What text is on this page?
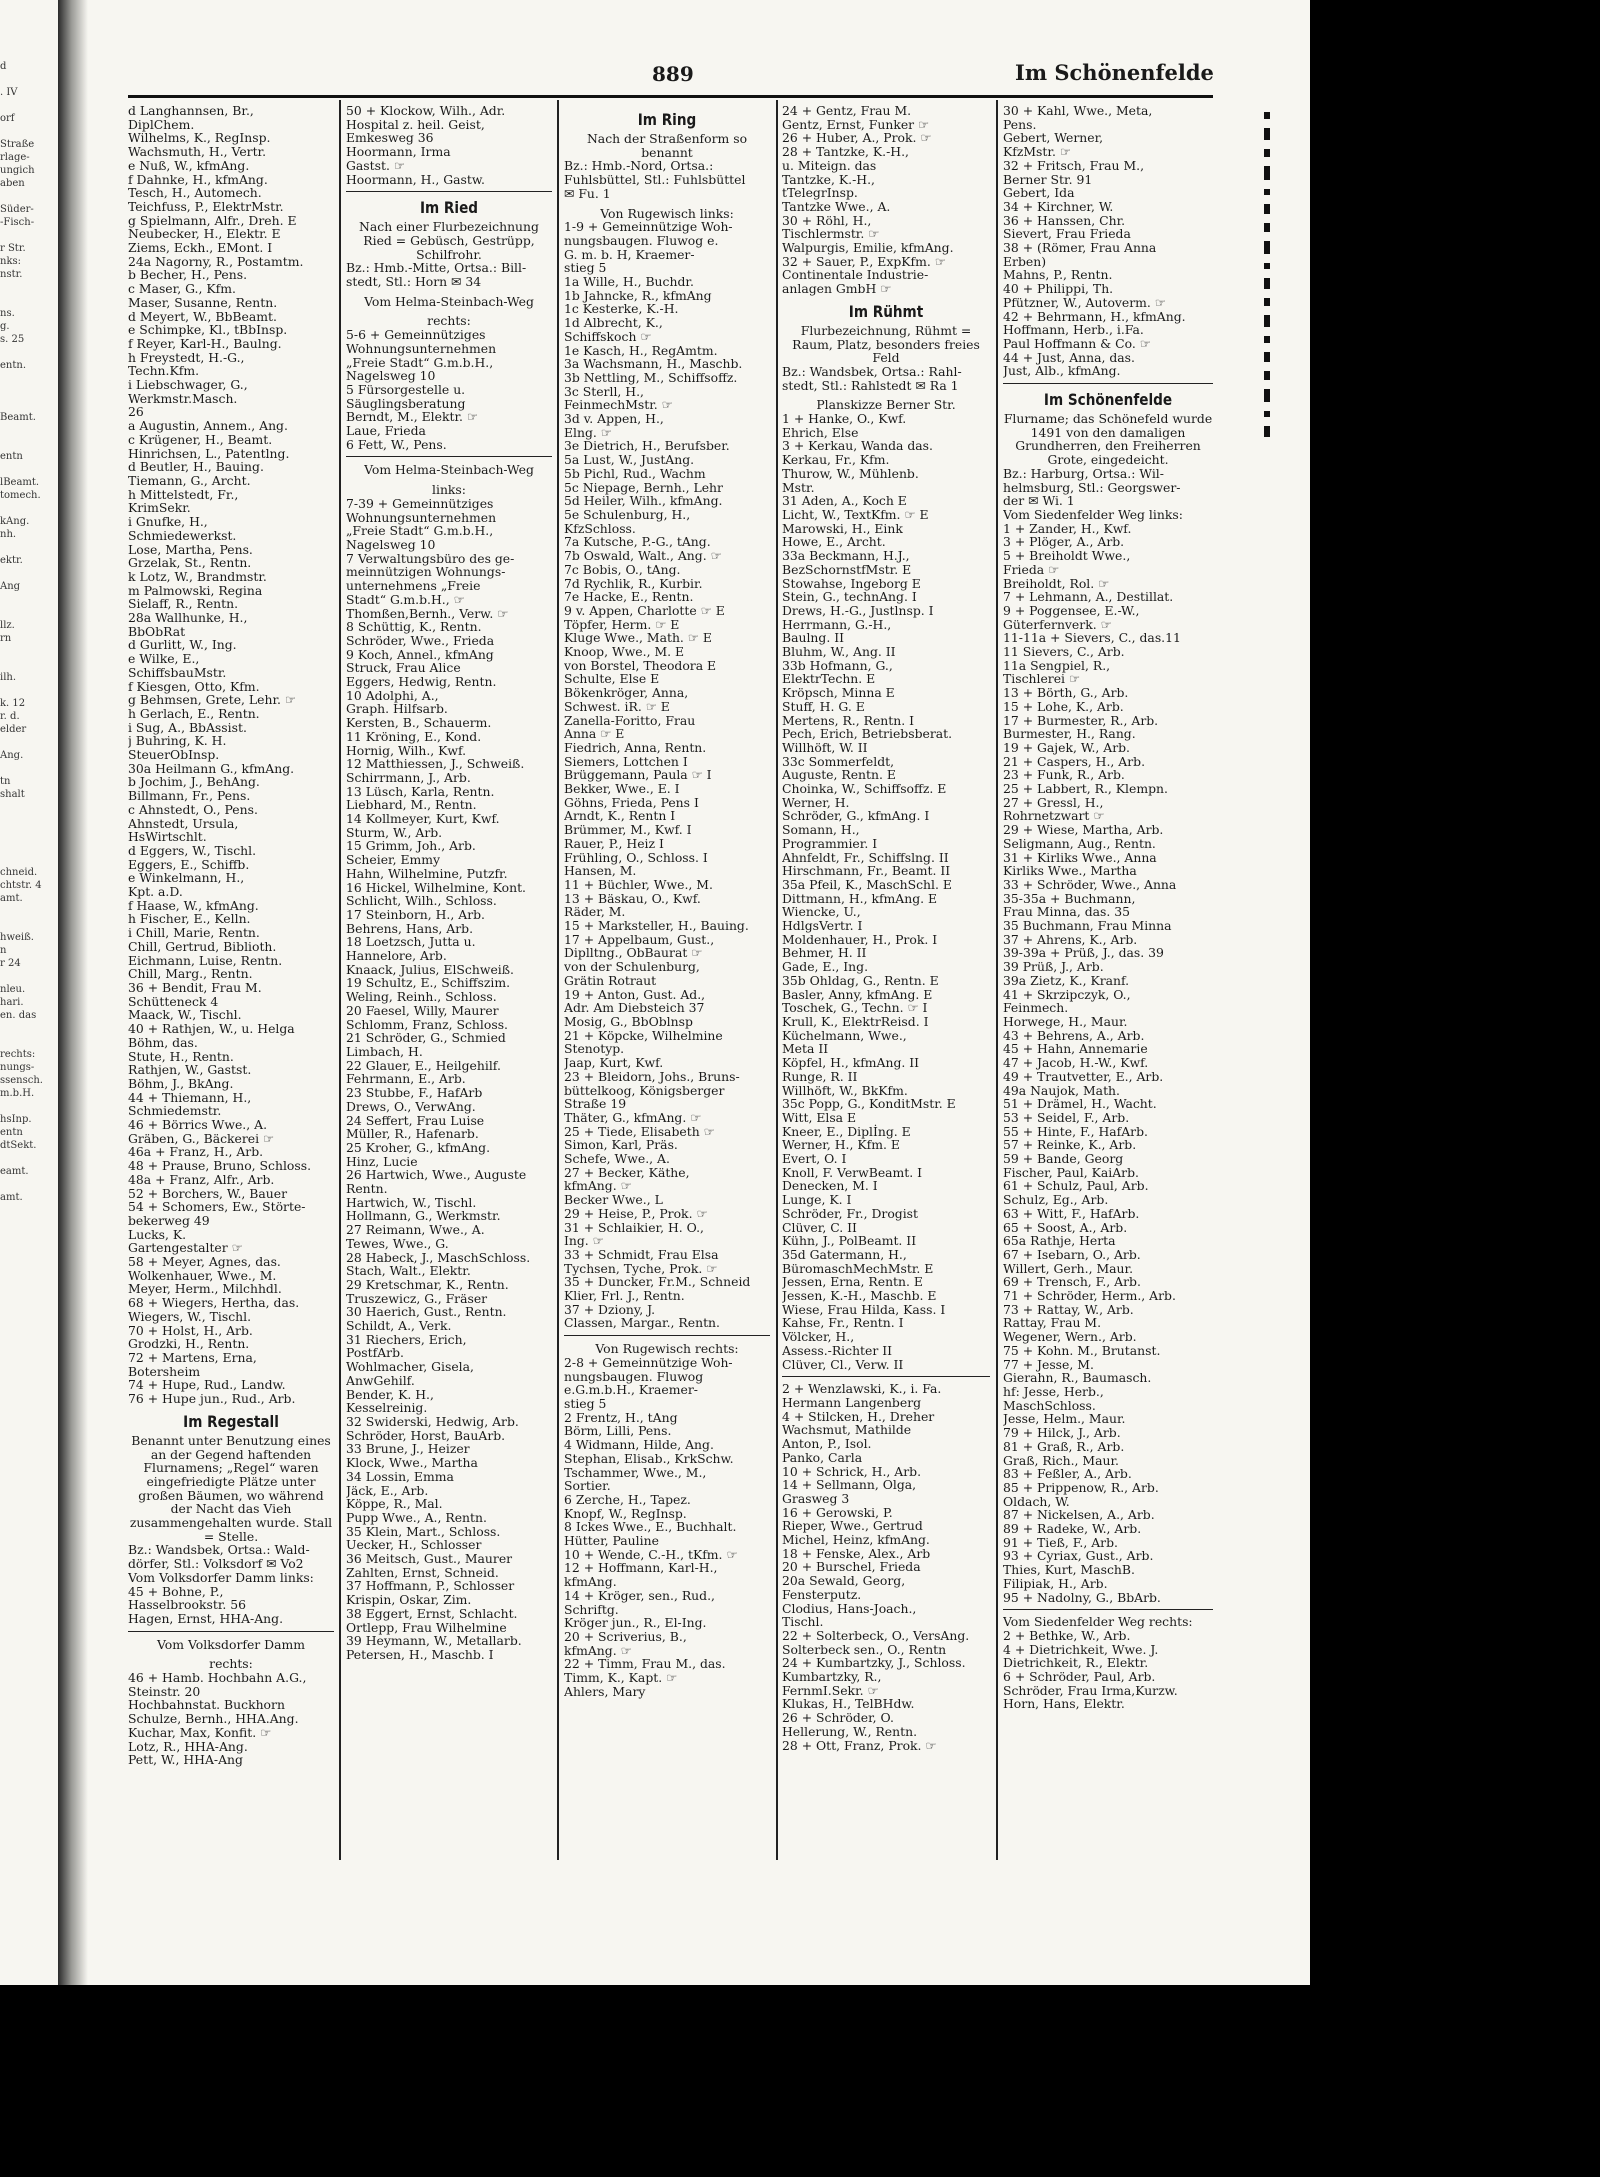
d

. IV

orf

Straße
rlage-
ungich
aben

Süder-
-Fisch-

r Str.
nks:
nstr.

ns.
g.
s. 25

entn.

Beamt.

entn

lBeamt.
tomech.

kAng.
nh.

ektr.

Ang

llz.
rn

ilh.

k. 12
r. d.
elder

Ang.

tn
shalt

chneid.
chtstr. 4
amt.

hweiß.
n
r 24

nleu.
hari.
en. das

rechts:
nungs-
ssensch.
m.b.H.

hsInp.
entn
dtSekt.

eamt.

amt.
889	Im Schönenfelde
d Langhannsen, Br.,
DiplChem.
Wilhelms, K., RegInsp.
Wachsmuth, H., Vertr.
e Nuß, W., kfmAng.
f Dahnke, H., kfmAng.
Tesch, H., Automech.
Teichfuss, P., ElektrMstr.
g Spielmann, Alfr., Dreh. E
Neubecker, H., Elektr. E
Ziems, Eckh., EMont. I
24a Nagorny, R., Postamtm.
b Becher, H., Pens.
c Maser, G., Kfm.
Maser, Susanne, Rentn.
d Meyert, W., BbBeamt.
e Schimpke, Kl., tBbInsp.
f Reyer, Karl-H., Baulng.
h Freystedt, H.-G.,
Techn.Kfm.
i Liebschwager, G.,
Werkmstr.Masch.
26
a Augustin, Annem., Ang.
c Krügener, H., Beamt.
Hinrichsen, L., Patentlng.
d Beutler, H., Bauing.
Tiemann, G., Archt.
h Mittelstedt, Fr.,
KrimSekr.
i Gnufke, H.,
Schmiedewerkst.
Lose, Martha, Pens.
Grzelak, St., Rentn.
k Lotz, W., Brandmstr.
m Palmowski, Regina
Sielaff, R., Rentn.
28a Wallhunke, H.,
BbObRat
d Gurlitt, W., Ing.
e Wilke, E.,
SchiffsbauMstr.
f Kiesgen, Otto, Kfm.
g Behmsen, Grete, Lehr. ☞
h Gerlach, E., Rentn.
i Sug, A., BbAssist.
j Buhring, K. H.
SteuerObInsp.
30a Heilmann G., kfmAng.
b Jochim, J., BehAng.
Billmann, Fr., Pens.
c Ahnstedt, O., Pens.
Ahnstedt, Ursula,
HsWirtschlt.
d Eggers, W., Tischl.
Eggers, E., Schiffb.
e Winkelmann, H.,
Kpt. a.D.
f Haase, W., kfmAng.
h Fischer, E., Kelln.
i Chill, Marie, Rentn.
Chill, Gertrud, Biblioth.
Eichmann, Luise, Rentn.
Chill, Marg., Rentn.
36 + Bendit, Frau M.
Schütteneck 4
Maack, W., Tischl.
40 + Rathjen, W., u. Helga
Böhm, das.
Stute, H., Rentn.
Rathjen, W., Gastst.
Böhm, J., BkAng.
44 + Thiemann, H.,
Schmiedemstr.
46 + Börrics Wwe., A.
Gräben, G., Bäckerei ☞
46a + Franz, H., Arb.
48 + Prause, Bruno, Schloss.
48a + Franz, Alfr., Arb.
52 + Borchers, W., Bauer
54 + Schomers, Ew., Störte-
bekerweg 49
Lucks, K.
Gartengestalter ☞
58 + Meyer, Agnes, das.
Wolkenhauer, Wwe., M.
Meyer, Herm., Milchhdl.
68 + Wiegers, Hertha, das.
Wiegers, W., Tischl.
70 + Holst, H., Arb.
Grodzki, H., Rentn.
72 + Martens, Erna,
Botersheim
74 + Hupe, Rud., Landw.
76 + Hupe jun., Rud., Arb.
Im Regestall
Benannt unter Benutzung eines an der Gegend haftenden Flurnamens; „Regel“ waren eingefriedigte Plätze unter großen Bäumen, wo während der Nacht das Vieh zusammengehalten wurde. Stall = Stelle.
Bz.: Wandsbek, Ortsa.: Wald-
dörfer, Stl.: Volksdorf ✉ Vo2
Vom Volksdorfer Damm links:
45 + Bohne, P.,
Hasselbrookstr. 56
Hagen, Ernst, HHA-Ang.
Vom Volksdorfer Damm
rechts:
46 + Hamb. Hochbahn A.G.,
Steinstr. 20
Hochbahnstat. Buckhorn
Schulze, Bernh., HHA.Ang.
Kuchar, Max, Konfit. ☞
Lotz, R., HHA-Ang.
Pett, W., HHA-Ang
50 + Klockow, Wilh., Adr.
Hospital z. heil. Geist,
Emkesweg 36
Hoormann, Irma
Gastst. ☞
Hoormann, H., Gastw.
Im Ried
Nach einer Flurbezeichnung Ried = Gebüsch, Gestrüpp, Schilfrohr.
Bz.: Hmb.-Mitte, Ortsa.: Bill-
stedt, Stl.: Horn ✉ 34
Vom Helma-Steinbach-Weg
rechts:
5-6 + Gemeinnütziges
Wohnungsunternehmen
„Freie Stadt“ G.m.b.H.,
Nagelsweg 10
5 Fürsorgestelle u.
Säuglingsberatung
Berndt, M., Elektr. ☞
Laue, Frieda
6 Fett, W., Pens.
Vom Helma-Steinbach-Weg
links:
7-39 + Gemeinnütziges
Wohnungsunternehmen
„Freie Stadt“ G.m.b.H.,
Nagelsweg 10
7 Verwaltungsbüro des ge-
meinnützigen Wohnungs-
unternehmens „Freie
Stadt“ G.m.b.H., ☞
Thomßen,Bernh., Verw. ☞
8 Schüttig, K., Rentn.
Schröder, Wwe., Frieda
9 Koch, Annel., kfmAng
Struck, Frau Alice
Eggers, Hedwig, Rentn.
10 Adolphi, A.,
Graph. Hilfsarb.
Kersten, B., Schauerm.
11 Kröning, E., Kond.
Hornig, Wilh., Kwf.
12 Matthiessen, J., Schweiß.
Schirrmann, J., Arb.
13 Lüsch, Karla, Rentn.
Liebhard, M., Rentn.
14 Kollmeyer, Kurt, Kwf.
Sturm, W., Arb.
15 Grimm, Joh., Arb.
Scheier, Emmy
Hahn, Wilhelmine, Putzfr.
16 Hickel, Wilhelmine, Kont.
Schlicht, Wilh., Schloss.
17 Steinborn, H., Arb.
Behrens, Hans, Arb.
18 Loetzsch, Jutta u.
Hannelore, Arb.
Knaack, Julius, ElSchweiß.
19 Schultz, E., Schiffszim.
Weling, Reinh., Schloss.
20 Faesel, Willy, Maurer
Schlomm, Franz, Schloss.
21 Schröder, G., Schmied
Limbach, H.
22 Glauer, E., Heilgehilf.
Fehrmann, E., Arb.
23 Stubbe, F., HafArb
Drews, O., VerwAng.
24 Seffert, Frau Luise
Müller, R., Hafenarb.
25 Kroher, G., kfmAng.
Hinz, Lucie
26 Hartwich, Wwe., Auguste
Rentn.
Hartwich, W., Tischl.
Hollmann, G., Werkmstr.
27 Reimann, Wwe., A.
Tewes, Wwe., G.
28 Habeck, J., MaschSchloss.
Stach, Walt., Elektr.
29 Kretschmar, K., Rentn.
Truszewicz, G., Fräser
30 Haerich, Gust., Rentn.
Schildt, A., Verk.
31 Riechers, Erich,
PostfArb.
Wohlmacher, Gisela,
AnwGehilf.
Bender, K. H.,
Kesselreinig.
32 Swiderski, Hedwig, Arb.
Schröder, Horst, BauArb.
33 Brune, J., Heizer
Klock, Wwe., Martha
34 Lossin, Emma
Jäck, E., Arb.
Köppe, R., Mal.
Pupp Wwe., A., Rentn.
35 Klein, Mart., Schloss.
Uecker, H., Schlosser
36 Meitsch, Gust., Maurer
Zahlten, Ernst, Schneid.
37 Hoffmann, P., Schlosser
Krispin, Oskar, Zim.
38 Eggert, Ernst, Schlacht.
Ortlepp, Frau Wilhelmine
39 Heymann, W., Metallarb.
Petersen, H., Maschb. I
Im Ring
Nach der Straßenform so benannt
Bz.: Hmb.-Nord, Ortsa.:
Fuhlsbüttel, Stl.: Fuhlsbüttel
✉ Fu. 1
Von Rugewisch links:
1-9 + Gemeinnützige Woh-
nungsbaugen. Fluwog e.
G. m. b. H, Kraemer-
stieg 5
1a Wille, H., Buchdr.
1b Jahncke, R., kfmAng
1c Kesterke, K.-H.
1d Albrecht, K.,
Schiffskoch ☞
1e Kasch, H., RegAmtm.
3a Wachsmann, H., Maschb.
3b Nettling, M., Schiffsoffz.
3c Sterll, H.,
FeinmechMstr. ☞
3d v. Appen, H.,
Elng. ☞
3e Dietrich, H., Berufsber.
5a Lust, W., JustAng.
5b Pichl, Rud., Wachm
5c Niepage, Bernh., Lehr
5d Heiler, Wilh., kfmAng.
5e Schulenburg, H.,
KfzSchloss.
7a Kutsche, P.-G., tAng.
7b Oswald, Walt., Ang. ☞
7c Bobis, O., tAng.
7d Rychlik, R., Kurbir.
7e Hacke, E., Rentn.
9 v. Appen, Charlotte ☞ E
Töpfer, Herm. ☞ E
Kluge Wwe., Math. ☞ E
Knoop, Wwe., M. E
von Borstel, Theodora E
Schulte, Else E
Bökenkröger, Anna,
Schwest. iR. ☞ E
Zanella-Foritto, Frau
Anna ☞ E
Fiedrich, Anna, Rentn.
Siemers, Lottchen I
Brüggemann, Paula ☞ I
Bekker, Wwe., E. I
Göhns, Frieda, Pens I
Arndt, K., Rentn I
Brümmer, M., Kwf. I
Rauer, P., Heiz I
Frühling, O., Schloss. I
Hansen, M.
11 + Büchler, Wwe., M.
13 + Bäskau, O., Kwf.
Räder, M.
15 + Marksteller, H., Bauing.
17 + Appelbaum, Gust.,
Diplltng., ObBaurat ☞
von der Schulenburg,
Grätin Rotraut
19 + Anton, Gust. Ad.,
Adr. Am Diebsteich 37
Mosig, G., BbOblnsp
21 + Köpcke, Wilhelmine
Stenotyp.
Jaap, Kurt, Kwf.
23 + Bleidorn, Johs., Bruns-
büttelkoog, Königsberger
Straße 19
Thäter, G., kfmAng. ☞
25 + Tiede, Elisabeth ☞
Simon, Karl, Präs.
Schefe, Wwe., A.
27 + Becker, Käthe,
kfmAng. ☞
Becker Wwe., L
29 + Heise, P., Prok. ☞
31 + Schlaikier, H. O.,
Ing. ☞
33 + Schmidt, Frau Elsa
Tychsen, Tyche, Prok. ☞
35 + Duncker, Fr.M., Schneid
Klier, Frl. J., Rentn.
37 + Dziony, J.
Classen, Margar., Rentn.
Von Rugewisch rechts:
2-8 + Gemeinnützige Woh-
nungsbaugen. Fluwog
e.G.m.b.H., Kraemer-
stieg 5
2 Frentz, H., tAng
Börm, Lilli, Pens.
4 Widmann, Hilde, Ang.
Stephan, Elisab., KrkSchw.
Tschammer, Wwe., M.,
Sortier.
6 Zerche, H., Tapez.
Knopf, W., RegInsp.
8 Ickes Wwe., E., Buchhalt.
Hütter, Pauline
10 + Wende, C.-H., tKfm. ☞
12 + Hoffmann, Karl-H.,
kfmAng.
14 + Kröger, sen., Rud.,
Schriftg.
Kröger jun., R., El-Ing.
20 + Scriverius, B.,
kfmAng. ☞
22 + Timm, Frau M., das.
Timm, K., Kapt. ☞
Ahlers, Mary
24 + Gentz, Frau M.
Gentz, Ernst, Funker ☞
26 + Huber, A., Prok. ☞
28 + Tantzke, K.-H.,
u. Miteign. das
Tantzke, K.-H.,
tTelegrInsp.
Tantzke Wwe., A.
30 + Röhl, H.,
Tischlermstr. ☞
Walpurgis, Emilie, kfmAng.
32 + Sauer, P., ExpKfm. ☞
Continentale Industrie-
anlagen GmbH ☞
Im Rühmt
Flurbezeichnung, Rühmt = Raum, Platz, besonders freies Feld
Bz.: Wandsbek, Ortsa.: Rahl-
stedt, Stl.: Rahlstedt ✉ Ra 1
Planskizze Berner Str.
1 + Hanke, O., Kwf.
Ehrich, Else
3 + Kerkau, Wanda das.
Kerkau, Fr., Kfm.
Thurow, W., Mühlenb.
Mstr.
31 Aden, A., Koch E
Licht, W., TextKfm. ☞ E
Marowski, H., Eink
Howe, E., Archt.
33a Beckmann, H.J.,
BezSchornstfMstr. E
Stowahse, Ingeborg E
Stein, G., technAng. I
Drews, H.-G., Justlnsp. I
Herrmann, G.-H.,
Baulng. II
Bluhm, W., Ang. II
33b Hofmann, G.,
ElektrTechn. E
Kröpsch, Minna E
Stuff, H. G. E
Mertens, R., Rentn. I
Pech, Erich, Betriebsberat.
Willhöft, W. II
33c Sommerfeldt,
Auguste, Rentn. E
Choinka, W., Schiffsoffz. E
Werner, H.
Schröder, G., kfmAng. I
Somann, H.,
Programmier. I
Ahnfeldt, Fr., Schiffslng. II
Hirschmann, Fr., Beamt. II
35a Pfeil, K., MaschSchl. E
Dittmann, H., kfmAng. E
Wiencke, U.,
HdlgsVertr. I
Moldenhauer, H., Prok. I
Behmer, H. II
Gade, E., Ing.
35b Ohldag, G., Rentn. E
Basler, Anny, kfmAng. E
Toschek, G., Techn. ☞ I
Krull, K., ElektrReisd. I
Küchelmann, Wwe.,
Meta II
Köpfel, H., kfmAng. II
Runge, R. II
Willhöft, W., BkKfm.
35c Popp, G., KonditMstr. E
Witt, Elsa E
Kneer, E., Diplİng. E
Werner, H., Kfm. E
Evert, O. I
Knoll, F. VerwBeamt. I
Denecken, M. I
Lunge, K. I
Schröder, Fr., Drogist
Clüver, C. II
Kühn, J., PolBeamt. II
35d Gatermann, H.,
BüromaschMechMstr. E
Jessen, Erna, Rentn. E
Jessen, K.-H., Maschb. E
Wiese, Frau Hilda, Kass. I
Kahse, Fr., Rentn. I
Völcker, H.,
Assess.-Richter II
Clüver, Cl., Verw. II
2 + Wenzlawski, K., i. Fa.
Hermann Langenberg
4 + Stilcken, H., Dreher
Wachsmut, Mathilde
Anton, P., Isol.
Panko, Carla
10 + Schrick, H., Arb.
14 + Sellmann, Olga,
Grasweg 3
16 + Gerowski, P.
Rieper, Wwe., Gertrud
Michel, Heinz, kfmAng.
18 + Fenske, Alex., Arb
20 + Burschel, Frieda
20a Sewald, Georg,
Fensterputz.
Clodius, Hans-Joach.,
Tischl.
22 + Solterbeck, O., VersAng.
Solterbeck sen., O., Rentn
24 + Kumbartzky, J., Schloss.
Kumbartzky, R.,
FernmI.Sekr. ☞
Klukas, H., TelBHdw.
26 + Schröder, O.
Hellerung, W., Rentn.
28 + Ott, Franz, Prok. ☞
30 + Kahl, Wwe., Meta,
Pens.
Gebert, Werner,
KfzMstr. ☞
32 + Fritsch, Frau M.,
Berner Str. 91
Gebert, Ida
34 + Kirchner, W.
36 + Hanssen, Chr.
Sievert, Frau Frieda
38 + (Römer, Frau Anna
Erben)
Mahns, P., Rentn.
40 + Philippi, Th.
Pfützner, W., Autoverm. ☞
42 + Behrmann, H., kfmAng.
Hoffmann, Herb., i.Fa.
Paul Hoffmann & Co. ☞
44 + Just, Anna, das.
Just, Alb., kfmAng.
Im Schönenfelde
Flurname; das Schönefeld wurde 1491 von den damaligen Grundherren, den Freiherren Grote, eingedeicht.
Bz.: Harburg, Ortsa.: Wil-
helmsburg, Stl.: Georgswer-
der ✉ Wi. 1
Vom Siedenfelder Weg links:
1 + Zander, H., Kwf.
3 + Plöger, A., Arb.
5 + Breiholdt Wwe.,
Frieda ☞
Breiholdt, Rol. ☞
7 + Lehmann, A., Destillat.
9 + Poggensee, E.-W.,
Güterfernverk. ☞
11-11a + Sievers, C., das.11
11 Sievers, C., Arb.
11a Sengpiel, R.,
Tischlerei ☞
13 + Börth, G., Arb.
15 + Lohe, K., Arb.
17 + Burmester, R., Arb.
Burmester, H., Rang.
19 + Gajek, W., Arb.
21 + Caspers, H., Arb.
23 + Funk, R., Arb.
25 + Labbert, R., Klempn.
27 + Gressl, H.,
Rohrnetzwart ☞
29 + Wiese, Martha, Arb.
Seligmann, Aug., Rentn.
31 + Kirliks Wwe., Anna
Kirliks Wwe., Martha
33 + Schröder, Wwe., Anna
35-35a + Buchmann,
Frau Minna, das. 35
35 Buchmann, Frau Minna
37 + Ahrens, K., Arb.
39-39a + Prüß, J., das. 39
39 Prüß, J., Arb.
39a Zietz, K., Kranf.
41 + Skrzipczyk, O.,
Feinmech.
Horwege, H., Maur.
43 + Behrens, A., Arb.
45 + Hahn, Annemarie
47 + Jacob, H.-W., Kwf.
49 + Trautvetter, E., Arb.
49a Naujok, Math.
51 + Drämel, H., Wacht.
53 + Seidel, F., Arb.
55 + Hinte, F., HafArb.
57 + Reinke, K., Arb.
59 + Bande, Georg
Fischer, Paul, KaiArb.
61 + Schulz, Paul, Arb.
Schulz, Eg., Arb.
63 + Witt, F., HafArb.
65 + Soost, A., Arb.
65a Rathje, Herta
67 + Isebarn, O., Arb.
Willert, Gerh., Maur.
69 + Trensch, F., Arb.
71 + Schröder, Herm., Arb.
73 + Rattay, W., Arb.
Rattay, Frau M.
Wegener, Wern., Arb.
75 + Kohn. M., Brutanst.
77 + Jesse, M.
Gierahn, R., Baumasch.
hf: Jesse, Herb.,
MaschSchloss.
Jesse, Helm., Maur.
79 + Hilck, J., Arb.
81 + Graß, R., Arb.
Graß, Rich., Maur.
83 + Feßler, A., Arb.
85 + Prippenow, R., Arb.
Oldach, W.
87 + Nickelsen, A., Arb.
89 + Radeke, W., Arb.
91 + Tieß, F., Arb.
93 + Cyriax, Gust., Arb.
Thies, Kurt, MaschB.
Filipiak, H., Arb.
95 + Nadolny, G., BbArb.
Vom Siedenfelder Weg rechts:
2 + Bethke, W., Arb.
4 + Dietrichkeit, Wwe. J.
Dietrichkeit, R., Elektr.
6 + Schröder, Paul, Arb.
Schröder, Frau Irma,Kurzw.
Horn, Hans, Elektr.
